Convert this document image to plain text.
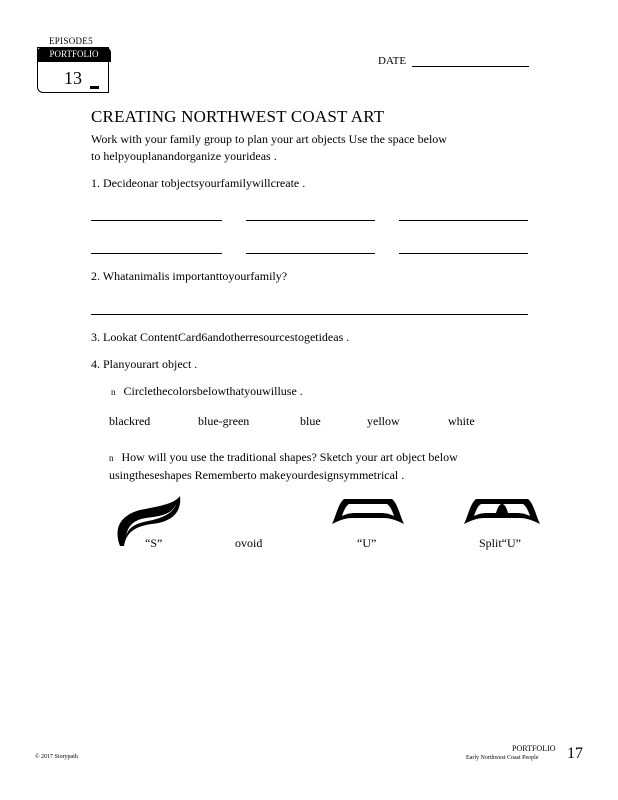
EPISODE5
PORTFOLIO
13
DATE
CREATING NORTHWEST COAST ART
Work with your family group to plan your art objects Use the space below
to helpyouplanandorganize yourideas .
1. Decideonar tobjectsyourfamilywillcreate .
2. Whatanimalis importanttoyourfamily?
3. Lookat ContentCard6andotherresourcestogetideas .
4. Planyourart object .
n Circlethecolorsbelowthatyouwilluse .
blackred	blue-green	blue	yellow	white
n How will you use the traditional shapes? Sketch your art object below
usingtheseshapes Rememberto makeyourdesignsymmetrical .
“S”	ovoid	“U”	Split“U”
© 2017 Storypath
PORTFOLIO
Early Northwest Coast People 17
